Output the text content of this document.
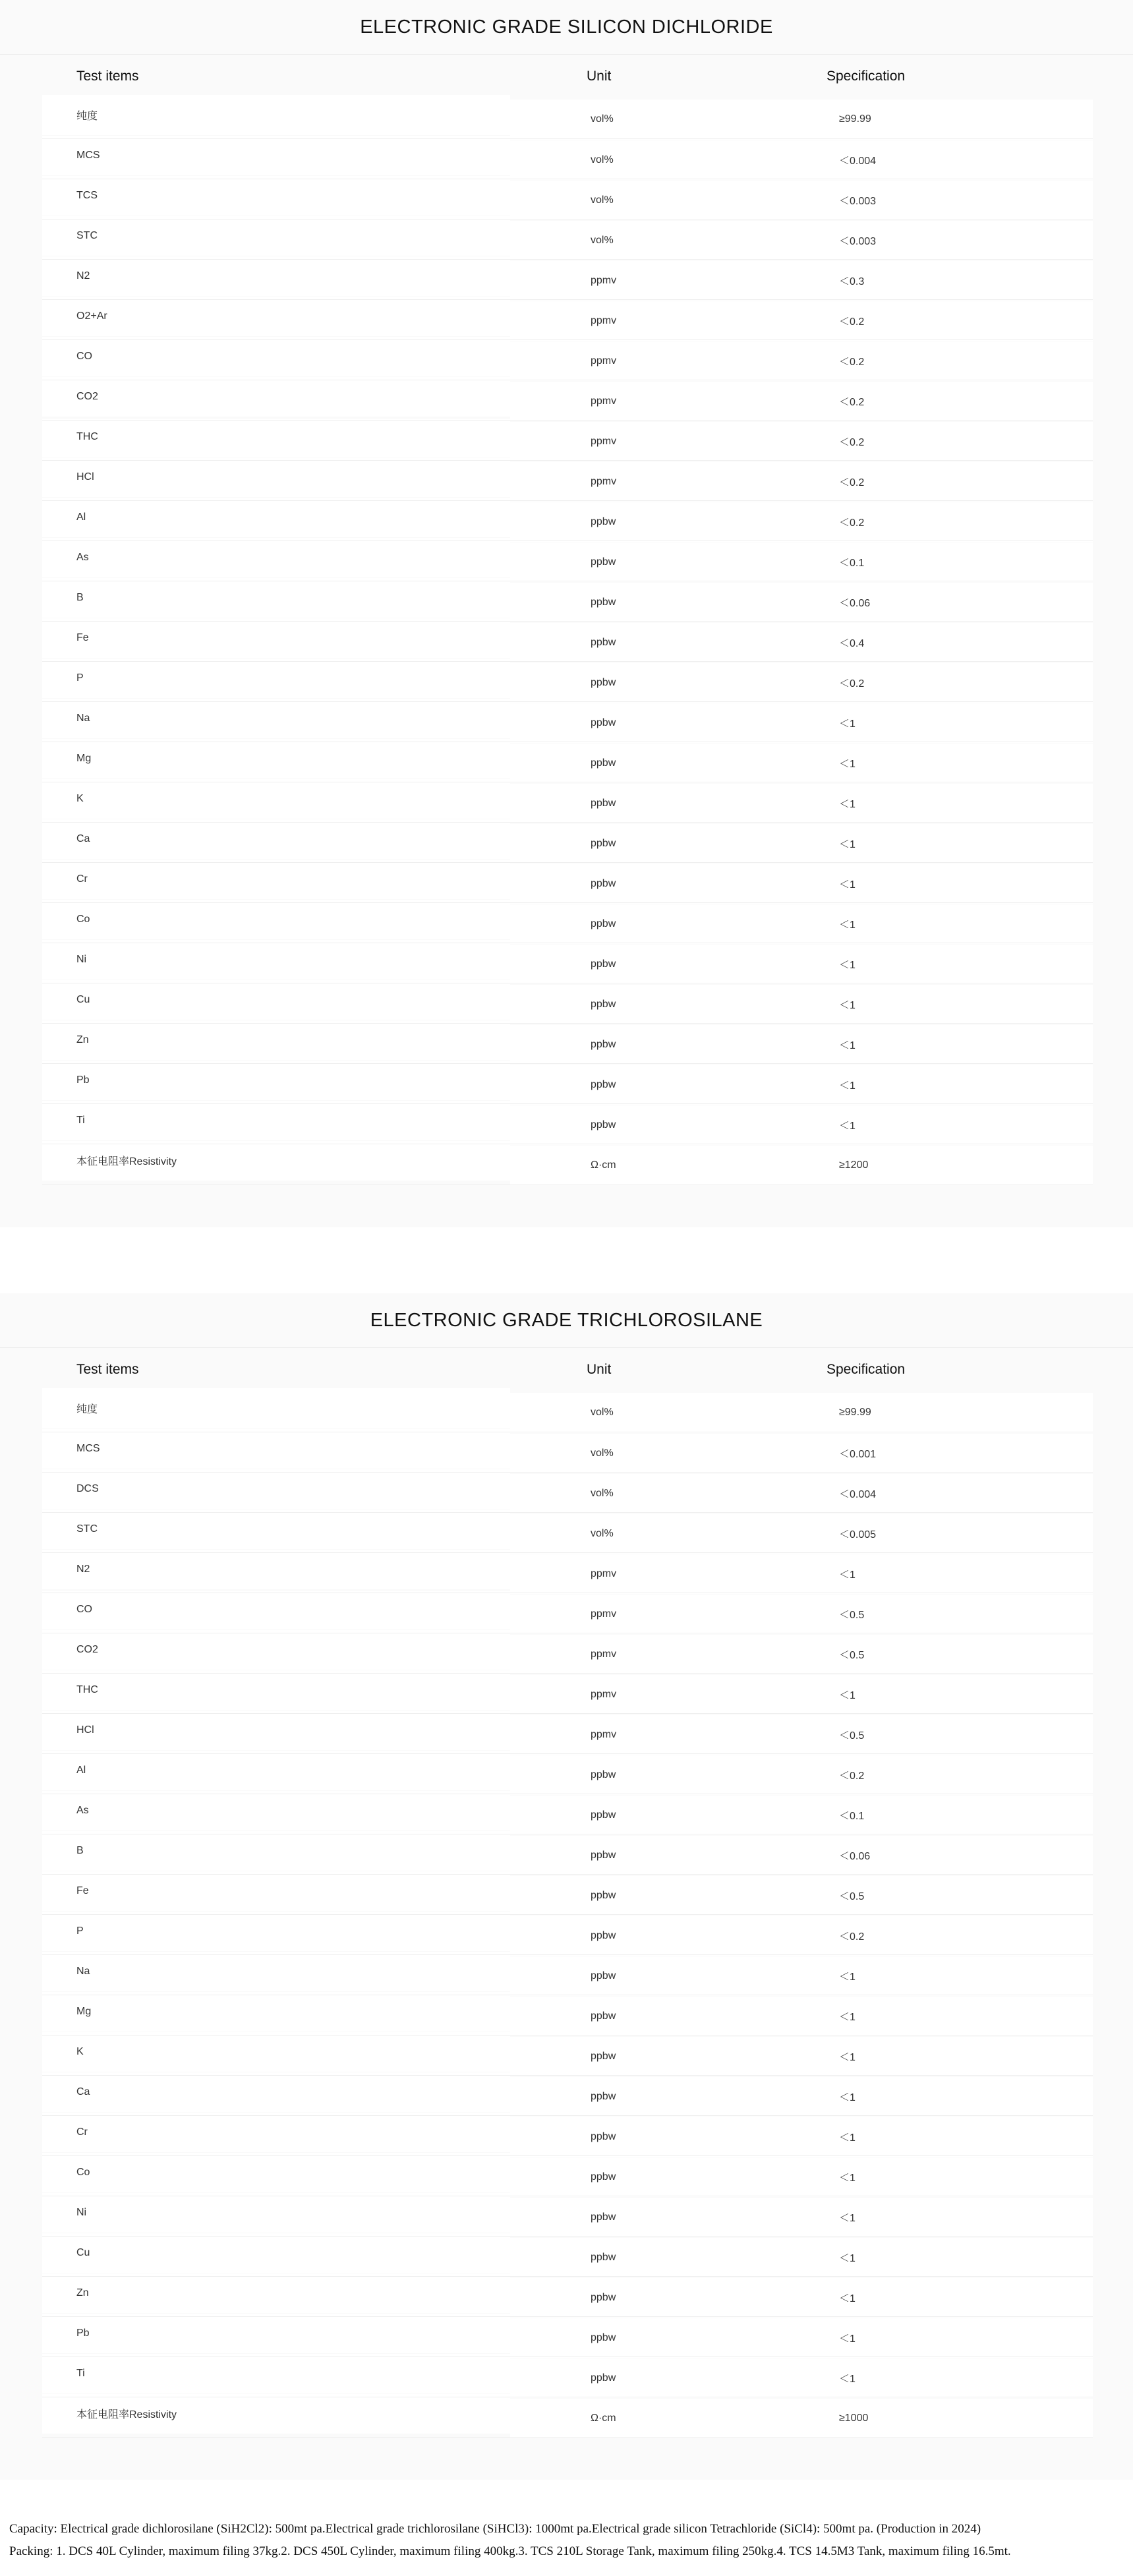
ELECTRONIC GRADE SILICON DICHLORIDE
Test items	Unit	Specification
纯度	vol%	≥99.99
MCS	vol%	＜0.004
TCS	vol%	＜0.003
STC	vol%	＜0.003
N2	ppmv	＜0.3
O2+Ar	ppmv	＜0.2
CO	ppmv	＜0.2
CO2	ppmv	＜0.2
THC	ppmv	＜0.2
HCl	ppmv	＜0.2
Al	ppbw	＜0.2
As	ppbw	＜0.1
B	ppbw	＜0.06
Fe	ppbw	＜0.4
P	ppbw	＜0.2
Na	ppbw	＜1
Mg	ppbw	＜1
K	ppbw	＜1
Ca	ppbw	＜1
Cr	ppbw	＜1
Co	ppbw	＜1
Ni	ppbw	＜1
Cu	ppbw	＜1
Zn	ppbw	＜1
Pb	ppbw	＜1
Ti	ppbw	＜1
本征电阻率Resistivity	Ω·cm	≥1200
ELECTRONIC GRADE TRICHLOROSILANE
Test items	Unit	Specification
纯度	vol%	≥99.99
MCS	vol%	＜0.001
DCS	vol%	＜0.004
STC	vol%	＜0.005
N2	ppmv	＜1
CO	ppmv	＜0.5
CO2	ppmv	＜0.5
THC	ppmv	＜1
HCl	ppmv	＜0.5
Al	ppbw	＜0.2
As	ppbw	＜0.1
B	ppbw	＜0.06
Fe	ppbw	＜0.5
P	ppbw	＜0.2
Na	ppbw	＜1
Mg	ppbw	＜1
K	ppbw	＜1
Ca	ppbw	＜1
Cr	ppbw	＜1
Co	ppbw	＜1
Ni	ppbw	＜1
Cu	ppbw	＜1
Zn	ppbw	＜1
Pb	ppbw	＜1
Ti	ppbw	＜1
本征电阻率Resistivity	Ω·cm	≥1000

Capacity: Electrical grade dichlorosilane (SiH2Cl2): 500mt pa.Electrical grade trichlorosilane (SiHCl3): 1000mt pa.Electrical grade silicon Tetrachloride (SiCl4): 500mt pa. (Production in 2024)

Packing: 1. DCS 40L Cylinder, maximum filing 37kg.2. DCS 450L Cylinder, maximum filing 400kg.3. TCS 210L Storage Tank, maximum filing 250kg.4. TCS 14.5M3 Tank, maximum filing 16.5mt.
